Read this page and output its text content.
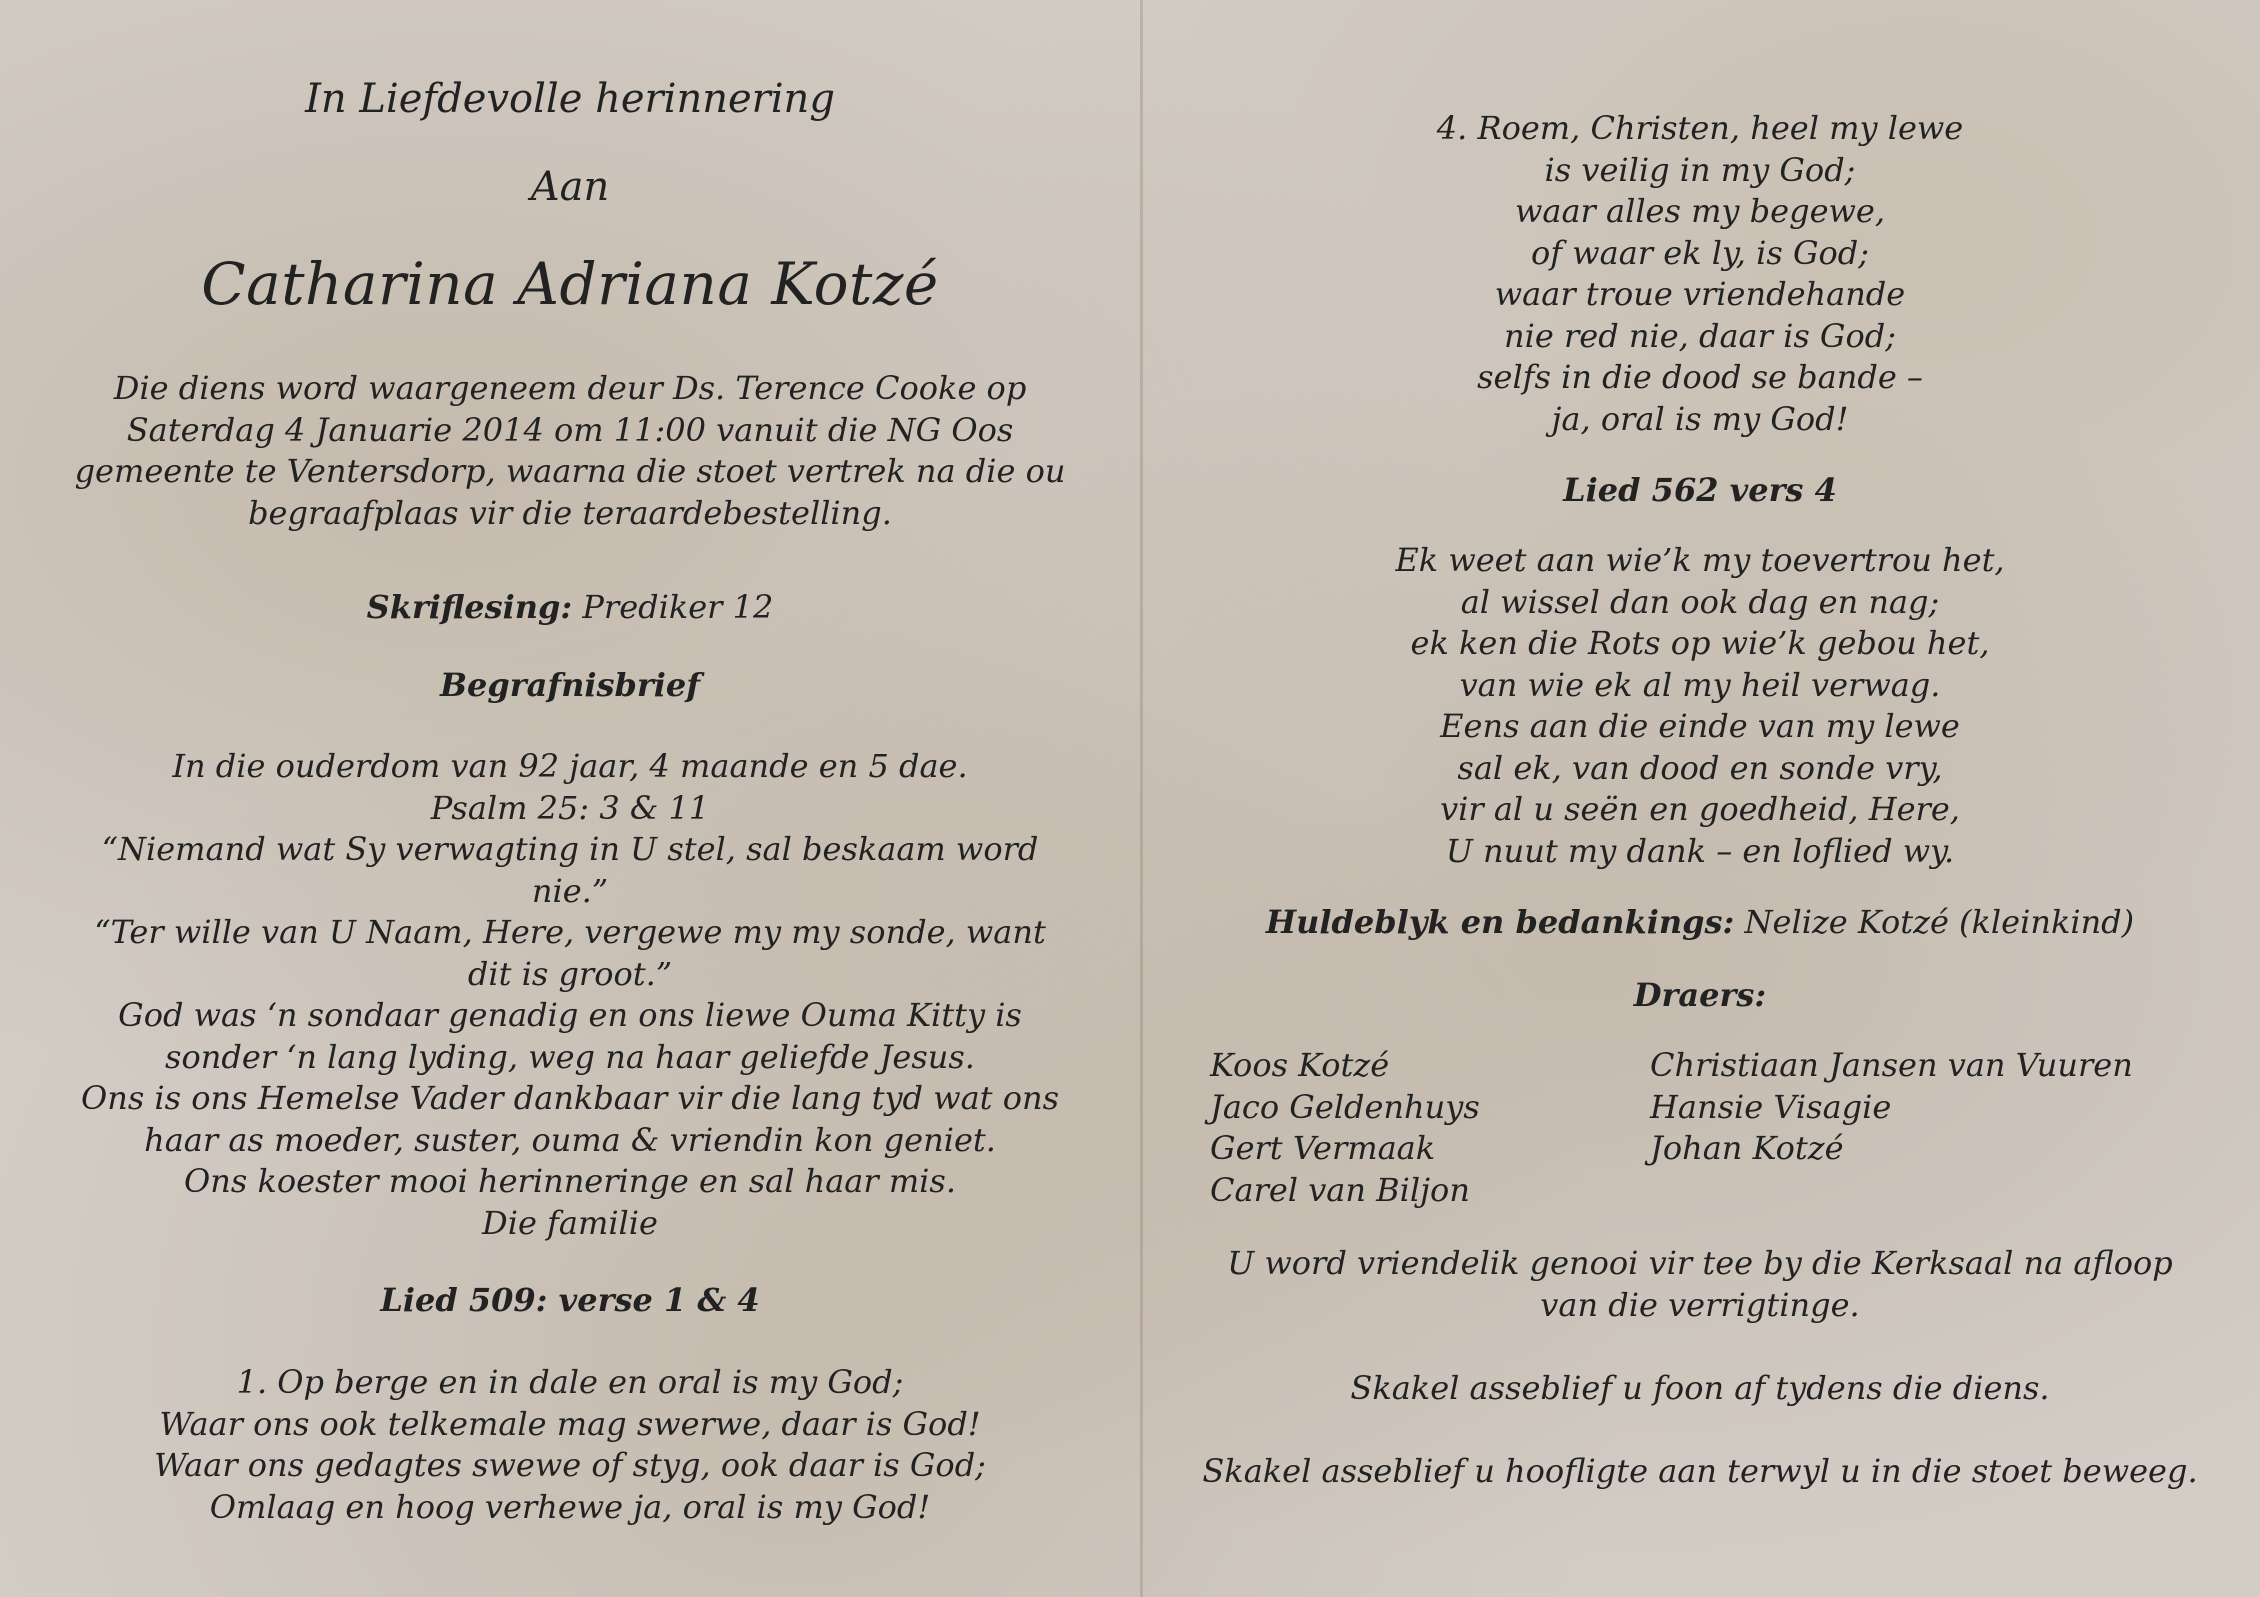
In Liefdevolle herinnering

Aan

Catharina Adriana Kotzé

Die diens word waargeneem deur Ds. Terence Cooke op
Saterdag 4 Januarie 2014 om 11:00 vanuit die NG Oos
gemeente te Ventersdorp, waarna die stoet vertrek na die ou
begraafplaas vir die teraardebestelling.
Skriflesing: Prediker 12
Begrafnisbrief
In die ouderdom van 92 jaar, 4 maande en 5 dae.
Psalm 25: 3 & 11
“Niemand wat Sy verwagting in U stel, sal beskaam word
nie.”
“Ter wille van U Naam, Here, vergewe my my sonde, want
dit is groot.”
God was ‘n sondaar genadig en ons liewe Ouma Kitty is
sonder ‘n lang lyding, weg na haar geliefde Jesus.
Ons is ons Hemelse Vader dankbaar vir die lang tyd wat ons
haar as moeder, suster, ouma & vriendin kon geniet.
Ons koester mooi herinneringe en sal haar mis.
Die familie
Lied 509: verse 1 & 4
1. Op berge en in dale en oral is my God;
Waar ons ook telkemale mag swerwe, daar is God!
Waar ons gedagtes swewe of styg, ook daar is God;
Omlaag en hoog verhewe ja, oral is my God!
4. Roem, Christen, heel my lewe
is veilig in my God;
waar alles my begewe,
of waar ek ly, is God;
waar troue vriendehande
nie red nie, daar is God;
selfs in die dood se bande –
ja, oral is my God!
Lied 562 vers 4
Ek weet aan wie’k my toevertrou het,
al wissel dan ook dag en nag;
ek ken die Rots op wie’k gebou het,
van wie ek al my heil verwag.
Eens aan die einde van my lewe
sal ek, van dood en sonde vry,
vir al u seën en goedheid, Here,
U nuut my dank – en loflied wy.
Huldeblyk en bedankings: Nelize Kotzé (kleinkind)
Draers:
Koos Kotzé
Jaco Geldenhuys
Gert Vermaak
Carel van Biljon
Christiaan Jansen van Vuuren
Hansie Visagie
Johan Kotzé
U word vriendelik genooi vir tee by die Kerksaal na afloop
van die verrigtinge.
Skakel asseblief u foon af tydens die diens.
Skakel asseblief u hoofligte aan terwyl u in die stoet beweeg.
